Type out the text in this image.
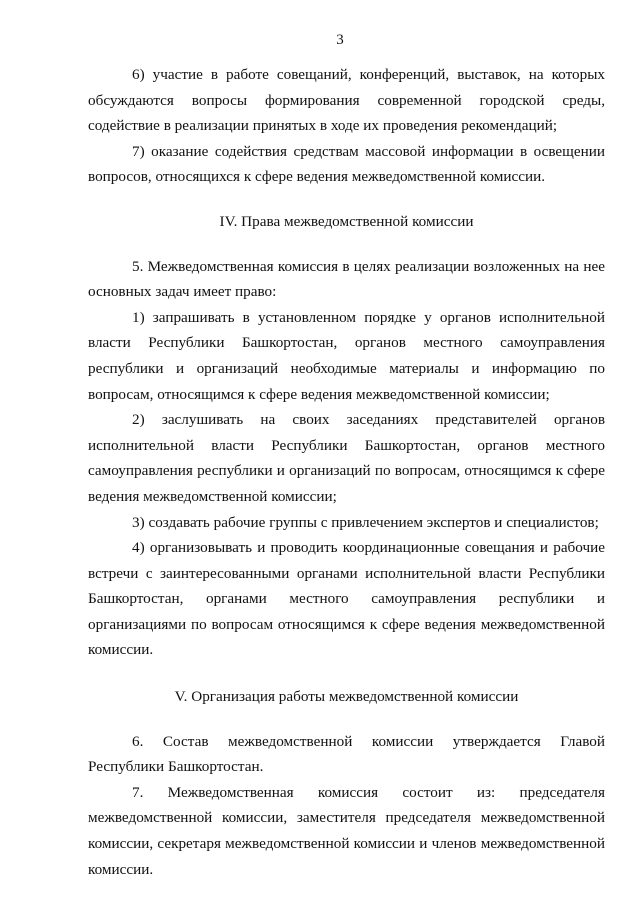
3

6) участие в работе совещаний, конференций, выставок, на которых обсуждаются вопросы формирования современной городской среды, содействие в реализации принятых в ходе их проведения рекомендаций;

7) оказание содействия средствам массовой информации в освещении вопросов, относящихся к сфере ведения межведомственной комиссии.

IV. Права межведомственной комиссии

5. Межведомственная комиссия в целях реализации возложенных на нее основных задач имеет право:

1) запрашивать в установленном порядке у органов исполнительной власти Республики Башкортостан, органов местного самоуправления республики и организаций необходимые материалы и информацию по вопросам, относящимся к сфере ведения межведомственной комиссии;

2) заслушивать на своих заседаниях представителей органов исполнительной власти Республики Башкортостан, органов местного самоуправления республики и организаций по вопросам, относящимся к сфере ведения межведомственной комиссии;

3) создавать рабочие группы с привлечением экспертов и специалистов;

4) организовывать и проводить координационные совещания и рабочие встречи с заинтересованными органами исполнительной власти Республики Башкортостан, органами местного самоуправления республики и организациями по вопросам относящимся к сфере ведения межведомственной комиссии.

V. Организация работы межведомственной комиссии

6. Состав межведомственной комиссии утверждается Главой Республики Башкортостан.

7. Межведомственная комиссия состоит из: председателя межведомственной комиссии, заместителя председателя межведомственной комиссии, секретаря межведомственной комиссии и членов межведомственной комиссии.
